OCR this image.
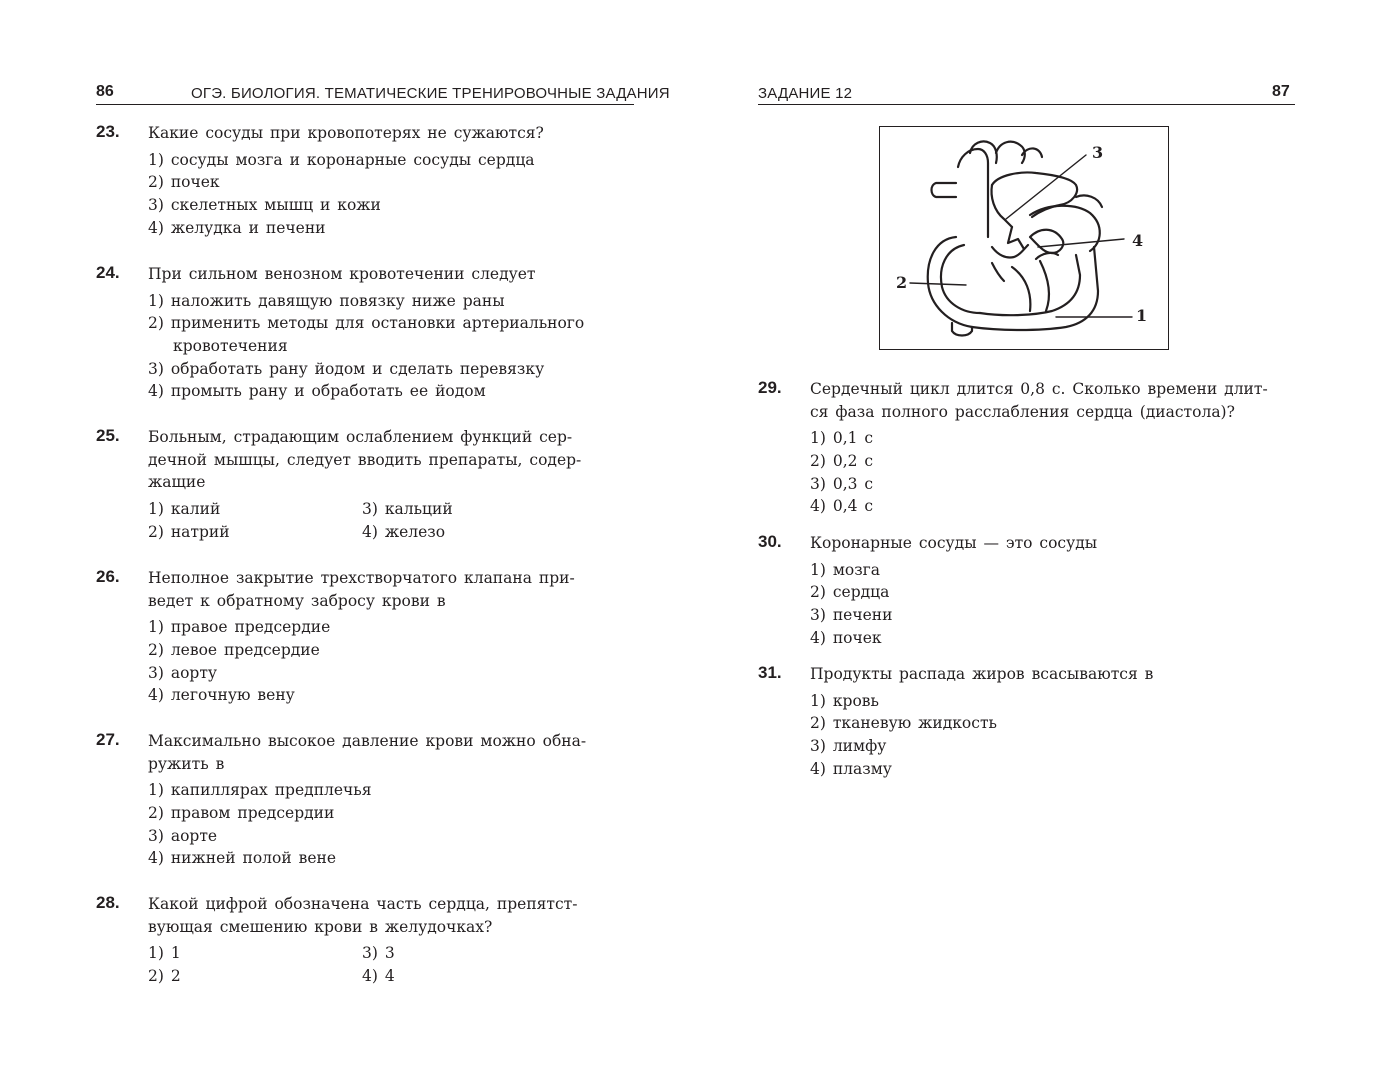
86	ОГЭ. БИОЛОГИЯ. ТЕМАТИЧЕСКИЕ ТРЕНИРОВОЧНЫЕ ЗАДАНИЯ
23. Какие сосуды при кровопотерях не сужаются?
1) сосуды мозга и коронарные сосуды сердца
2) почек
3) скелетных мышц и кожи
4) желудка и печени
24. При сильном венозном кровотечении следует
1) наложить давящую повязку ниже раны
2) применить методы для остановки артериального
кровотечения
3) обработать рану йодом и сделать перевязку
4) промыть рану и обработать ее йодом
25. Больным, страдающим ослаблением функций сер-
дечной мышцы, следует вводить препараты, содер-
жащие
1) калий	3) кальций
2) натрий	4) железо
26. Неполное закрытие трехстворчатого клапана при-
ведет к обратному забросу крови в
1) правое предсердие
2) левое предсердие
3) аорту
4) легочную вену
27. Максимально высокое давление крови можно обна-
ружить в
1) капиллярах предплечья
2) правом предсердии
3) аорте
4) нижней полой вене
28. Какой цифрой обозначена часть сердца, препятст-
вующая смешению крови в желудочках?
1) 1	3) 3
2) 2	4) 4
ЗАДАНИЕ 12	87
3
4
2
1
29. Сердечный цикл длится 0,8 с. Сколько времени длит-
ся фаза полного расслабления сердца (диастола)?
1) 0,1 с
2) 0,2 с
3) 0,3 с
4) 0,4 с
30. Коронарные сосуды — это сосуды
1) мозга
2) сердца
3) печени
4) почек
31. Продукты распада жиров всасываются в
1) кровь
2) тканевую жидкость
3) лимфу
4) плазму
